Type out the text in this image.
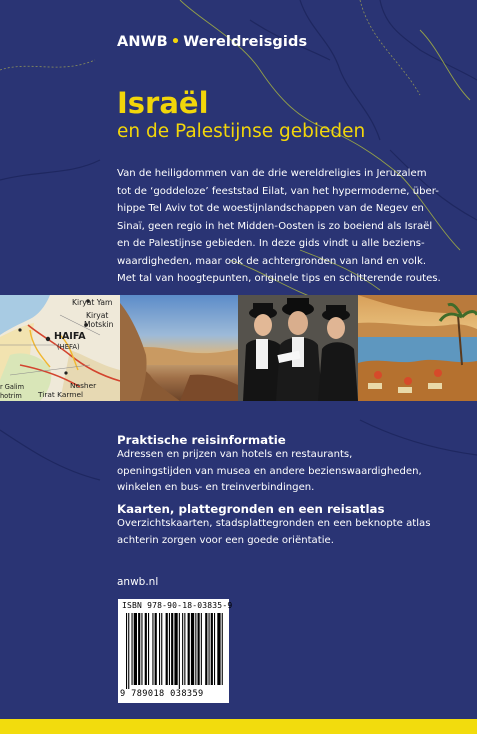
ANWB • Wereldreisgids
Israël
en de Palestijnse gebieden
Van de heiligdommen van de drie wereldreligies in Jeruzalem
tot de ‘goddeloze’ feeststad Eilat, van het hypermoderne, über-
hippe Tel Aviv tot de woestijnlandschappen van de Negev en
Sinaï, geen regio in het Midden-Oosten is zo boeiend als Israël
en de Palestijnse gebieden. In deze gids vindt u alle beziens-
waardigheden, maar ook de achtergronden van land en volk.
Met tal van hoogtepunten, originele tips en schitterende routes.
Kiryat Yam
Kiryat
Motskin
HAIFA
(HEFA)
Nesher
Tirat Karmel
r Galim
hotrim
Praktische reisinformatie
Adressen en prijzen van hotels en restaurants,
openingstijden van musea en andere bezienswaardigheden,
winkelen en bus- en treinverbindingen.
Kaarten, plattegronden en een reisatlas
Overzichtskaarten, stadsplattegronden en een beknopte atlas
achterin zorgen voor een goede oriëntatie.
anwb.nl
ISBN 978-90-18-03835-9
9 789018 038359
